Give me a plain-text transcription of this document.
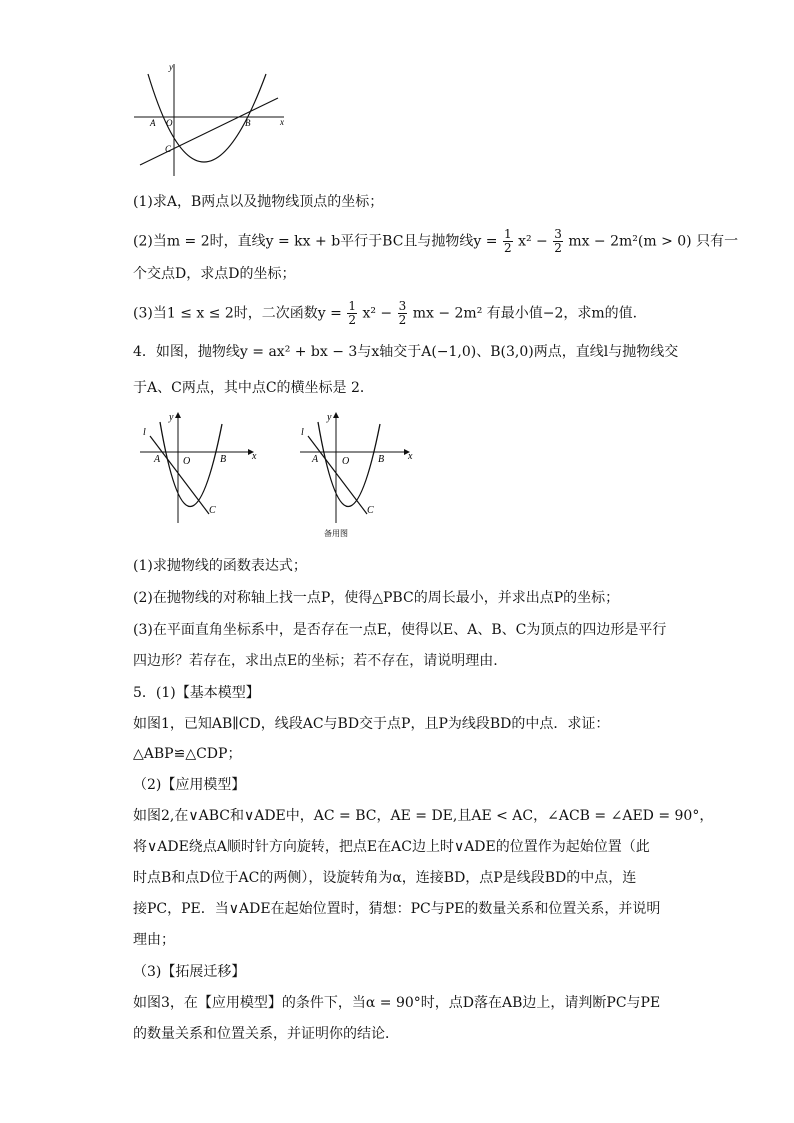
y
x
A O	B
C
(1)求A，B两点以及抛物线顶点的坐标；
(2)当m = 2时，直线y = kx + b平行于BC且与抛物线$y = \frac{1}{2} x^2 - \frac{3}{2}$ mx − 2m²(m > 0) 只有一
个交点D，求点D的坐标；
(3)当1 ≤ x ≤ 2时，二次函数$y = \frac{1}{2} x^2 - \frac{3}{2}$ mx − 2m² 有最小值−2，求m的值.
4．如图，抛物线y = ax² + bx − 3与x轴交于A(−1,0)、B(3,0)两点，直线l与抛物线交
于A、C两点，其中点C的横坐标是 2．
l
y
x
A O	B
C
l
y
x
A O	B
C
备用图
(1)求抛物线的函数表达式；
(2)在抛物线的对称轴上找一点P，使得△PBC的周长最小，并求出点P的坐标；
(3)在平面直角坐标系中，是否存在一点E，使得以E、A、B、C为顶点的四边形是平行
四边形？若存在，求出点E的坐标；若不存在，请说明理由.
5．(1)【基本模型】
如图1，已知AB∥CD，线段AC与BD交于点P，且P为线段BD的中点．求证：
△ABP≌△CDP；
（2)【应用模型】
如图2,在∨ABC和∨ADE中，AC = BC，AE = DE,且AE < AC，∠ACB = ∠AED = 90°，
将∨ADE绕点A顺时针方向旋转，把点E在AC边上时∨ADE的位置作为起始位置（此
时点B和点D位于AC的两侧），设旋转角为α，连接BD，点P是线段BD的中点，连
接PC，PE．当∨ADE在起始位置时，猜想：PC与PE的数量关系和位置关系，并说明
理由；
（3)【拓展迁移】
如图3，在【应用模型】的条件下，当α = 90°时，点D落在AB边上，请判断PC与PE
的数量关系和位置关系，并证明你的结论．
